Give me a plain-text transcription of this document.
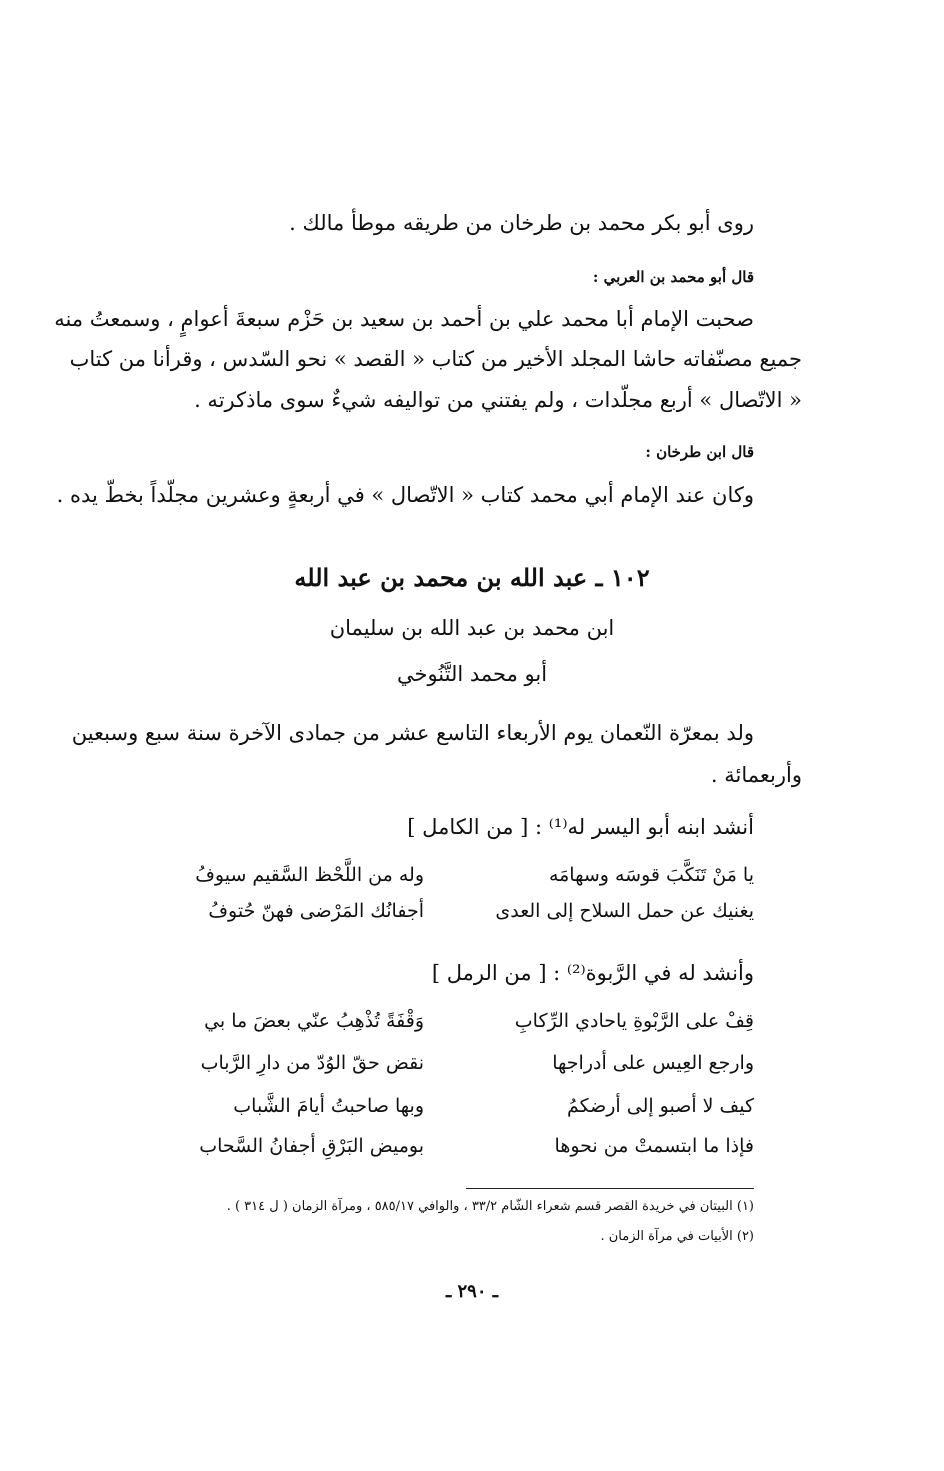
روى أبو بكر محمد بن طرخان من طريقه موطأ مالك .
قال أبو محمد بن العربي :
صحبت الإمام أبا محمد علي بن أحمد بن سعيد بن حَزْم سبعةَ أعوامٍ ، وسمعتُ منه
جميع مصنّفاته حاشا المجلد الأخير من كتاب « القصد » نحو السّدس ، وقرأنا من كتاب
« الاتّصال » أربع مجلّدات ، ولم يفتني من تواليفه شيءٌ سوى ماذكرته .
قال ابن طرخان :
وكان عند الإمام أبي محمد كتاب « الاتّصال » في أربعةٍ وعشرين مجلّداً بخطّ يده .
١٠٢ ـ عبد الله بن محمد بن عبد الله
ابن محمد بن عبد الله بن سليمان
أبو محمد التَّنُوخي
ولد بمعرّة النّعمان يوم الأربعاء التاسع عشر من جمادى الآخرة سنة سبع وسبعين
وأربعمائة .
أنشد ابنه أبو اليسر له⁽¹⁾ : [ من الكامل ]
يا مَنْ تَنَكَّبَ قوسَه وسهامَه
وله من اللَّحْظ السَّقيم سيوفُ
يغنيك عن حمل السلاح إلى العدى
أجفانُك المَرْضى فهنّ حُتوفُ
وأنشد له في الرَّبوة⁽²⁾ : [ من الرمل ]
قِفْ على الرَّبْوةِ ياحادي الرِّكابِ
وَقْفَةً تُذْهِبُ عنّي بعضَ ما بي
وارجع العِيس على أدراجها
نقض حقّ الوُدّ من دارِ الرَّباب
كيف لا أصبو إلى أرضكمُ
وبها صاحبتُ أيامَ الشَّباب
فإذا ما ابتسمتْ من نحوها
بوميض البَرْقِ أجفانُ السَّحاب
(١) البيتان في خريدة القصر قسم شعراء الشّام ٣٣/٢ ، والوافي ٥٨٥/١٧ ، ومرآة الزمان ( ل ٣١٤ ) .
(٢) الأبيات في مرآة الزمان .
ـ ٢٩٠ ـ
